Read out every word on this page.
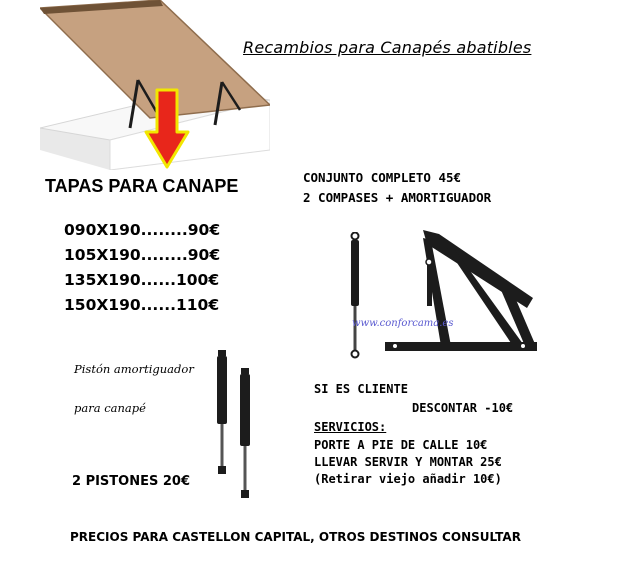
Recambios para Canapés abatibles
TAPAS PARA CANAPE
090X190........90€
105X190........90€
135X190......100€
150X190......110€
CONJUNTO COMPLETO 45€
2 COMPASES + AMORTIGUADOR
www.conforcama.es
Pistón amortiguador
para canapé
2 PISTONES 20€
SI ES CLIENTE
DESCONTAR -10€
SERVICIOS:
PORTE A PIE DE CALLE 10€
LLEVAR SERVIR Y MONTAR 25€
(Retirar viejo añadir 10€)
PRECIOS PARA CASTELLON CAPITAL, OTROS DESTINOS CONSULTAR
